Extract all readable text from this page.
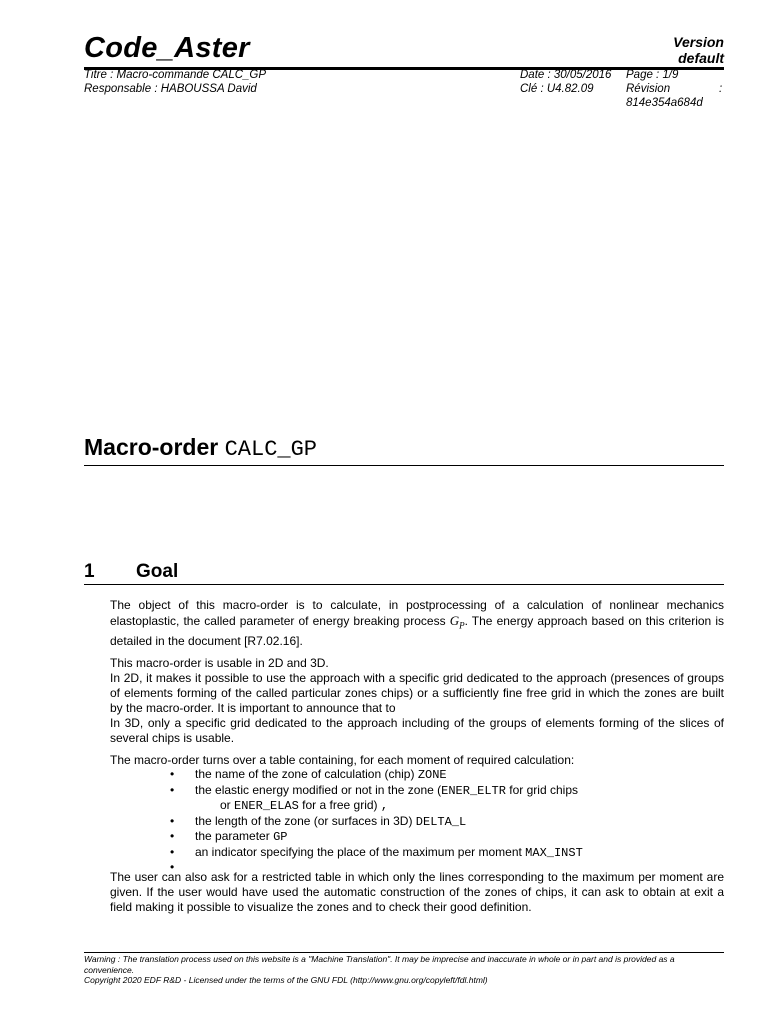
Code_Aster	Version
default
Titre : Macro-commande CALC_GP
Responsable : HABOUSSA David
Date : 30/05/2016
Clé : U4.82.09
Page : 1/9
Révision	:
814e354a684d
Macro-order CALC_GP
1 Goal

The object of this macro-order is to calculate, in postprocessing of a calculation of nonlinear mechanics elastoplastic, the called parameter of energy breaking process $G_P$. The energy approach based on this criterion is detailed in the document [R7.02.16].

This macro-order is usable in 2D and 3D.

In 2D, it makes it possible to use the approach with a specific grid dedicated to the approach (presences of groups of elements forming of the called particular zones chips) or a sufficiently fine free grid in which the zones are built by the macro-order. It is important to announce that to

In 3D, only a specific grid dedicated to the approach including of the groups of elements forming of the slices of several chips is usable.

The macro-order turns over a table containing, for each moment of required calculation:

•	the name of the zone of calculation (chip) ZONE
•	the elastic energy modified or not in the zone (ENER_ELTR for grid chips
or ENER_ELAS for a free grid) ,
•	the length of the zone (or surfaces in 3D) DELTA_L
•	the parameter GP
•	an indicator specifying the place of the maximum per moment MAX_INST
•

The user can also ask for a restricted table in which only the lines corresponding to the maximum per moment are given. If the user would have used the automatic construction of the zones of chips, it can ask to obtain at exit a field making it possible to visualize the zones and to check their good definition.

Warning : The translation process used on this website is a "Machine Translation". It may be imprecise and inaccurate in whole or in part and is provided as a convenience.
Copyright 2020 EDF R&D - Licensed under the terms of the GNU FDL (http://www.gnu.org/copyleft/fdl.html)
